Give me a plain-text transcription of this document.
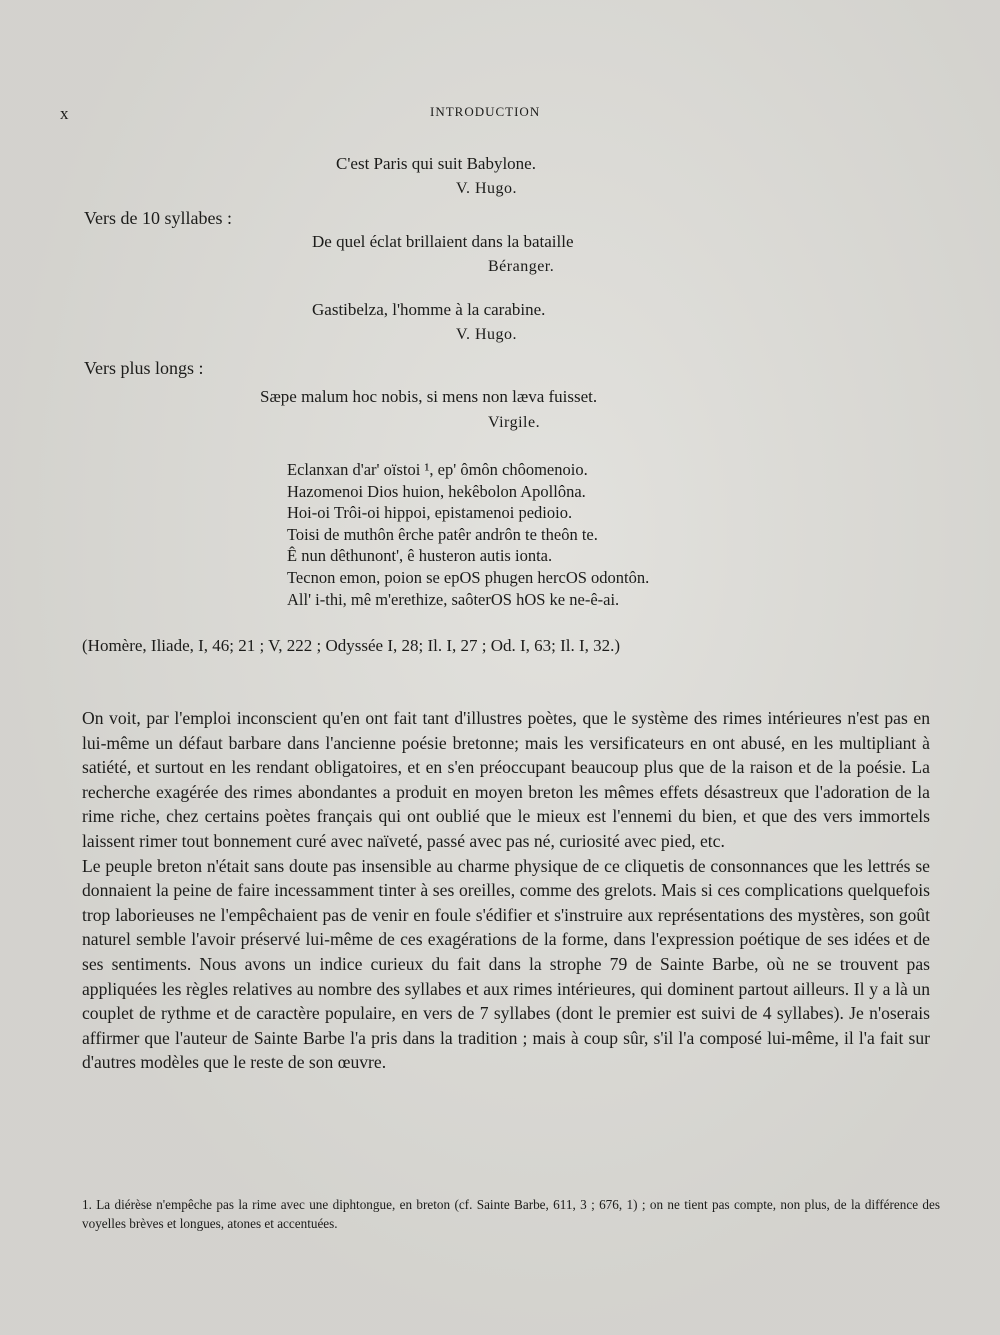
x	INTRODUCTION
C'est Paris qui suit Babylone.
V. Hugo.
Vers de 10 syllabes :
De quel éclat brillaient dans la bataille
Béranger.
Gastibelza, l'homme à la carabine.
V. Hugo.
Vers plus longs :
Sæpe malum hoc nobis, si mens non læva fuisset.
Virgile.
Eclanxan d'ar' oïstoi ¹, ep' ômôn chôomenoio.
Hazomenoi Dios huion, hekêbolon Apollôna.
Hoi-oi Trôi-oi hippoi, epistamenoi pedioio.
Toisi de muthôn êrche patêr andrôn te theôn te.
Ê nun dêthunont', ê husteron autis ionta.
Tecnon emon, poion se epOS phugen hercOS odontôn.
All' i-thi, mê m'erethize, saôterOS hOS ke ne-ê-ai.
(Homère, Iliade, I, 46; 21 ; V, 222 ; Odyssée I, 28; Il. I, 27 ; Od. I, 63; Il. I, 32.)

On voit, par l'emploi inconscient qu'en ont fait tant d'illustres poètes, que le système des rimes intérieures n'est pas en lui-même un défaut barbare dans l'ancienne poésie bretonne; mais les versificateurs en ont abusé, en les multipliant à satiété, et surtout en les rendant obligatoires, et en s'en préoccupant beaucoup plus que de la raison et de la poésie. La recherche exagérée des rimes abondantes a produit en moyen breton les mêmes effets désastreux que l'adoration de la rime riche, chez certains poètes français qui ont oublié que le mieux est l'ennemi du bien, et que des vers immortels laissent rimer tout bonnement curé avec naïveté, passé avec pas né, curiosité avec pied, etc.

Le peuple breton n'était sans doute pas insensible au charme physique de ce cliquetis de consonnances que les lettrés se donnaient la peine de faire incessamment tinter à ses oreilles, comme des grelots. Mais si ces complications quelquefois trop laborieuses ne l'empêchaient pas de venir en foule s'édifier et s'instruire aux représentations des mystères, son goût naturel semble l'avoir préservé lui-même de ces exagérations de la forme, dans l'expression poétique de ses idées et de ses sentiments. Nous avons un indice curieux du fait dans la strophe 79 de Sainte Barbe, où ne se trouvent pas appliquées les règles relatives au nombre des syllabes et aux rimes intérieures, qui dominent partout ailleurs. Il y a là un couplet de rythme et de caractère populaire, en vers de 7 syllabes (dont le premier est suivi de 4 syllabes). Je n'oserais affirmer que l'auteur de Sainte Barbe l'a pris dans la tradition ; mais à coup sûr, s'il l'a composé lui-même, il l'a fait sur d'autres modèles que le reste de son œuvre.

1. La diérèse n'empêche pas la rime avec une diphtongue, en breton (cf. Sainte Barbe, 611, 3 ; 676, 1) ; on ne tient pas compte, non plus, de la différence des voyelles brèves et longues, atones et accentuées.
